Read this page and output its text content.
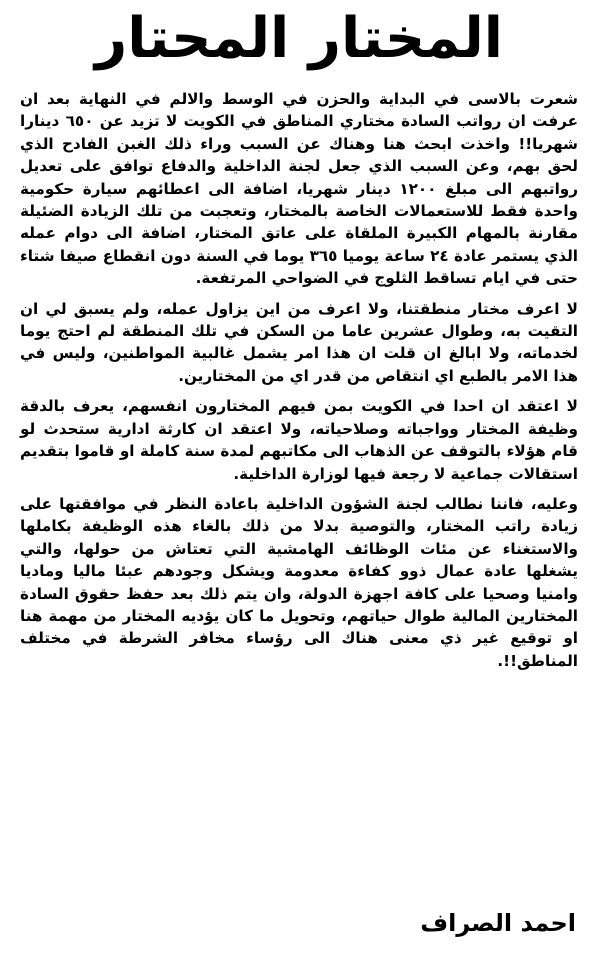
المختار المحتار

شعرت بالاسى في البداية والحزن في الوسط والالم في النهاية بعد ان عرفت ان رواتب السادة مختاري المناطق في الكويت لا تزيد عن ٦٥٠ دينارا شهريا!! واخذت ابحث هنا وهناك عن السبب وراء ذلك الغبن الفادح الذي لحق بهم، وعن السبب الذي جعل لجنة الداخلية والدفاع توافق على تعديل رواتبهم الى مبلغ ١٢٠٠ دينار شهريا، اضافة الى اعطائهم سيارة حكومية واحدة فقط للاستعمالات الخاصة بالمختار، وتعجبت من تلك الزيادة الضئيلة مقارنة بالمهام الكبيرة الملقاة على عاتق المختار، اضافة الى دوام عمله الذي يستمر عادة ٢٤ ساعة يوميا ٣٦٥ يوما في السنة دون انقطاع صيفا شتاء حتى في ايام تساقط الثلوج في الضواحي المرتفعة.

لا اعرف مختار منطقتنا، ولا اعرف من اين يزاول عمله، ولم يسبق لي ان التقيت به، وطوال عشرين عاما من السكن في تلك المنطقة لم احتج يوما لخدماته، ولا ابالغ ان قلت ان هذا امر يشمل غالبية المواطنين، وليس في هذا الامر بالطبع اي انتقاص من قدر اي من المختارين.

لا اعتقد ان احدا في الكويت بمن فيهم المختارون انفسهم، يعرف بالدقة وظيفة المختار وواجباته وصلاحياته، ولا اعتقد ان كارثة ادارية ستحدث لو قام هؤلاء بالتوقف عن الذهاب الى مكاتبهم لمدة سنة كاملة او قاموا بتقديم استقالات جماعية لا رجعة فيها لوزارة الداخلية.

وعليه، فاننا نطالب لجنة الشؤون الداخلية باعادة النظر في موافقتها على زيادة راتب المختار، والتوصية بدلا من ذلك بالغاء هذه الوظيفة بكاملها والاستغناء عن مئات الوظائف الهامشية التي تعتاش من حولها، والتي يشغلها عادة عمال ذوو كفاءة معدومة ويشكل وجودهم عبئا ماليا وماديا وامنيا وصحيا على كافة اجهزة الدولة، وان يتم ذلك بعد حفظ حقوق السادة المختارين المالية طوال حياتهم، وتحويل ما كان يؤديه المختار من مهمة هنا او توقيع غير ذي معنى هناك الى رؤساء مخافر الشرطة في مختلف المناطق!!.

احمد الصراف
